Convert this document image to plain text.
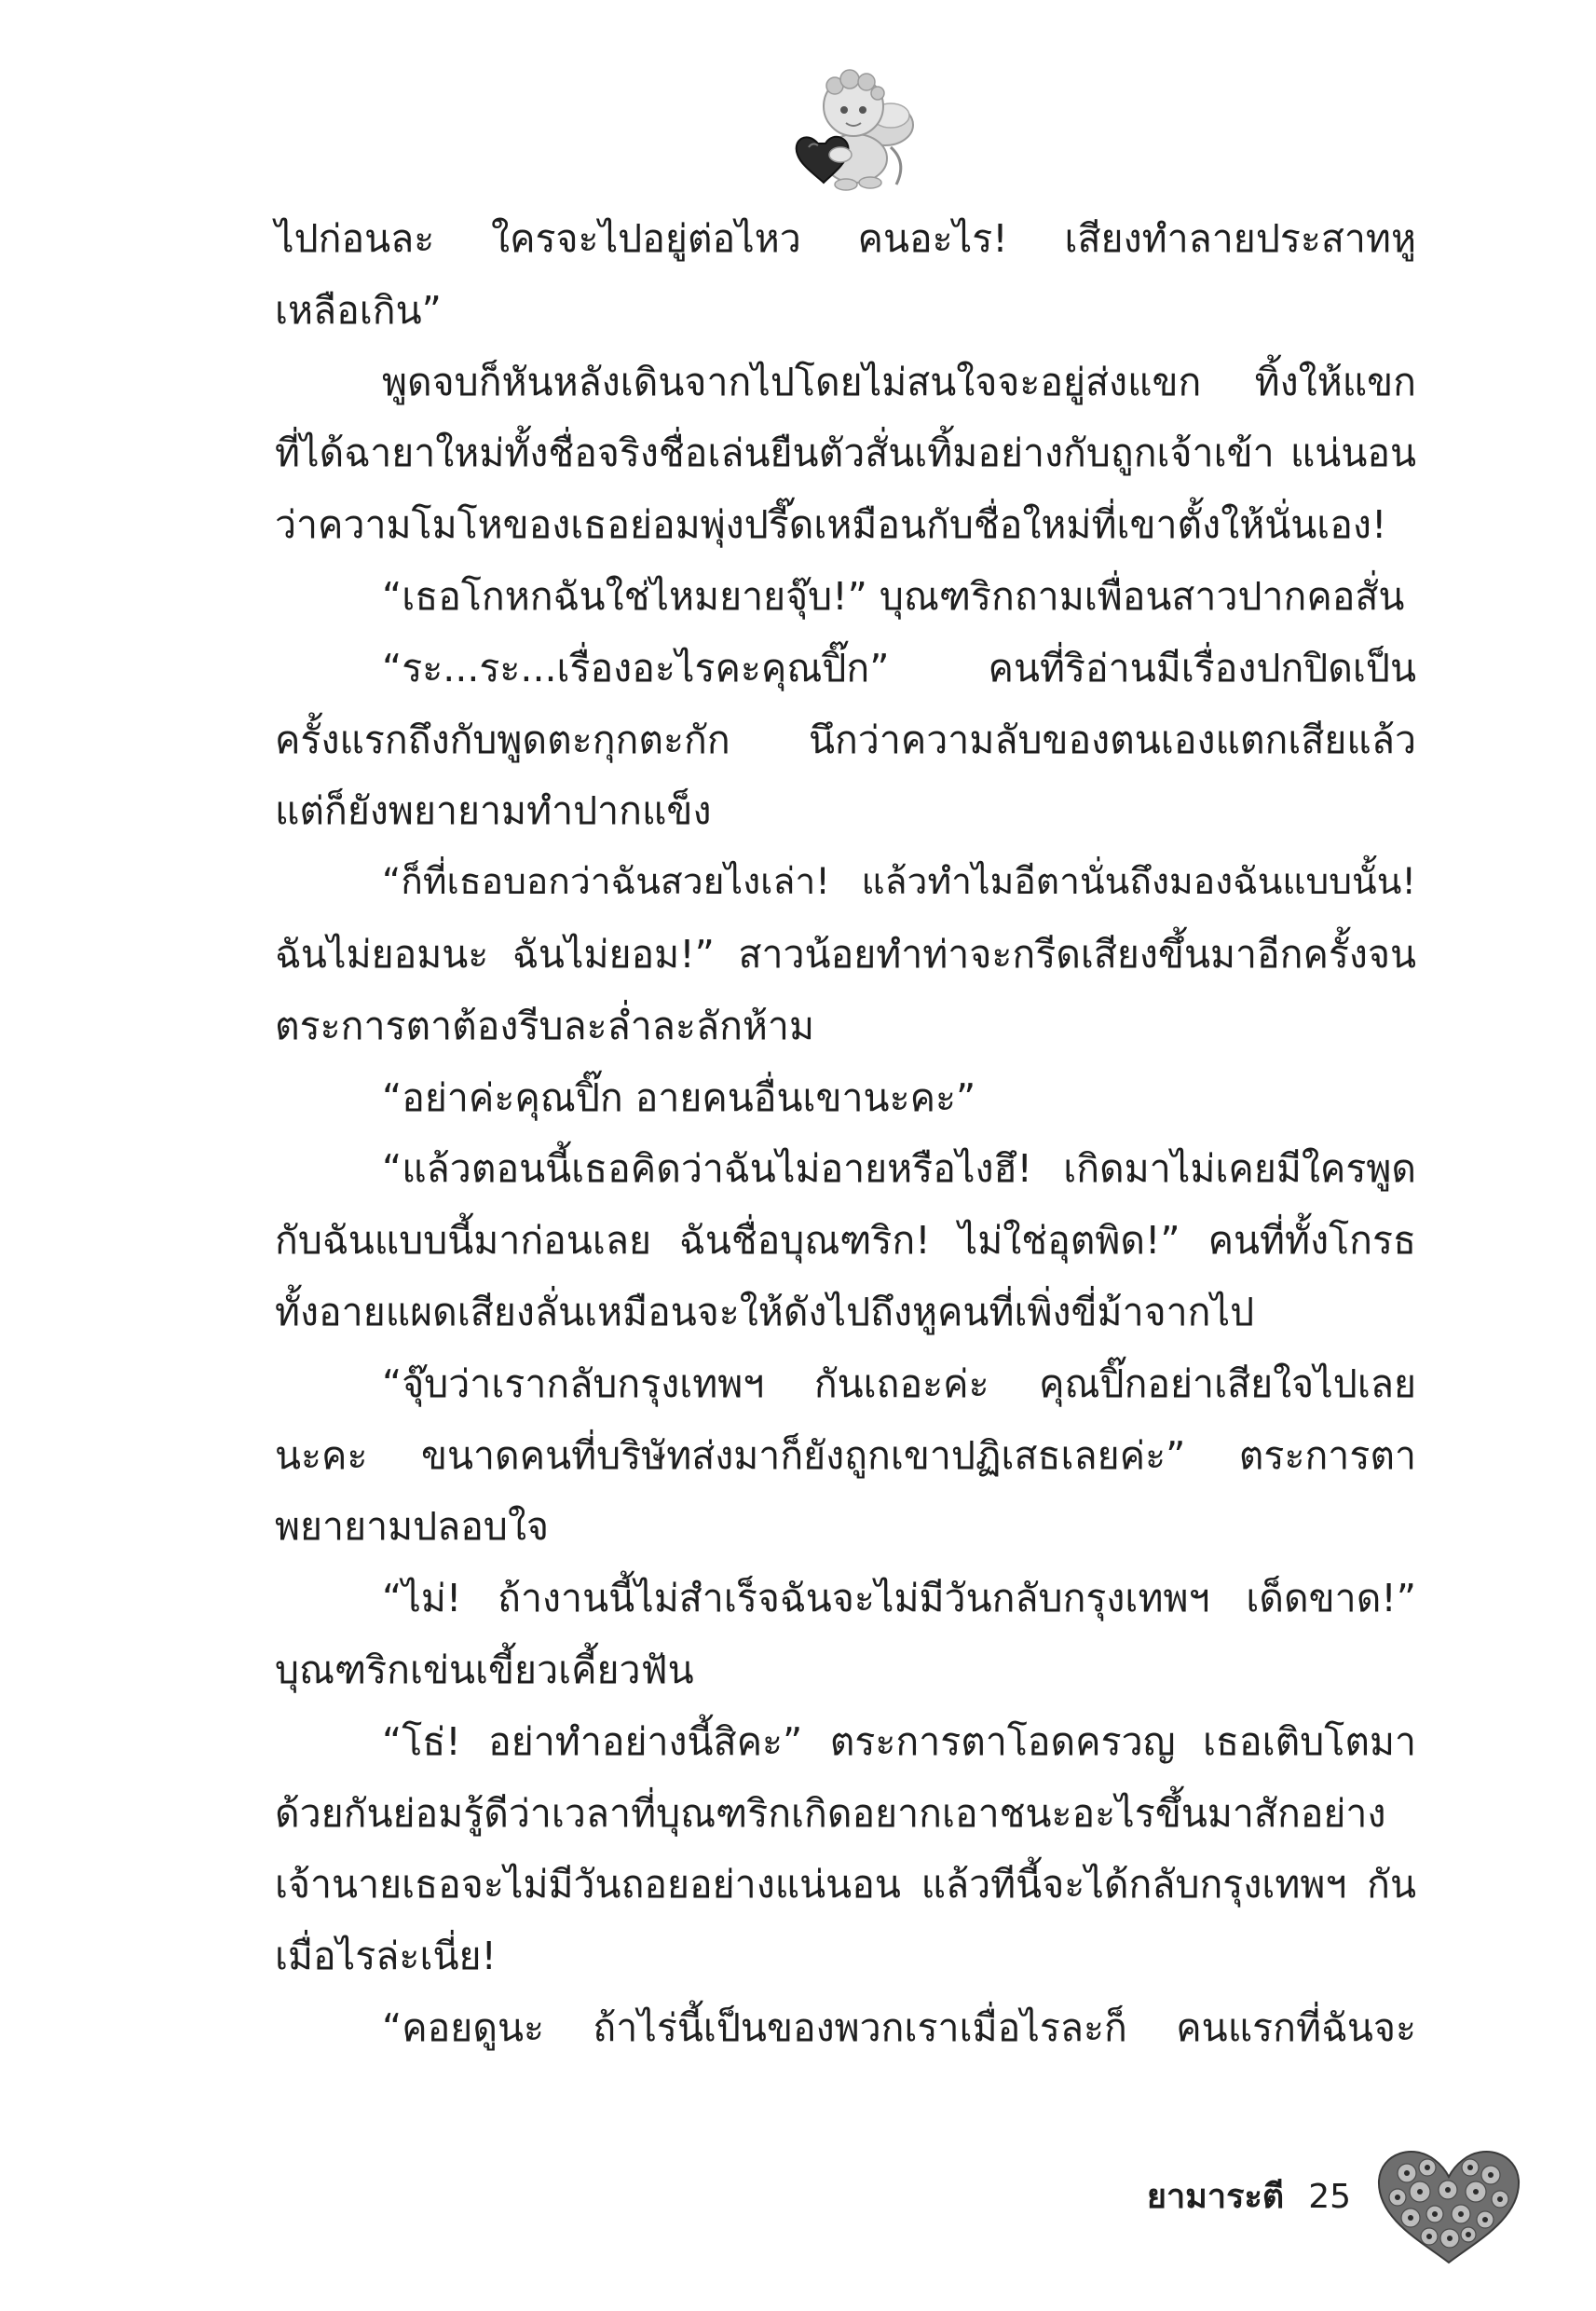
ไปก่อนละ ใครจะไปอยู่ต่อไหว คนอะไร! เสียงทำลายประสาทหู
เหลือเกิน”
พูดจบก็หันหลังเดินจากไปโดยไม่สนใจจะอยู่ส่งแขก ทิ้งให้แขก
ที่ได้ฉายาใหม่ทั้งชื่อจริงชื่อเล่นยืนตัวสั่นเทิ้มอย่างกับถูกเจ้าเข้า แน่นอน
ว่าความโมโหของเธอย่อมพุ่งปรี๊ดเหมือนกับชื่อใหม่ที่เขาตั้งให้นั่นเอง!
“เธอโกหกฉันใช่ไหมยายจุ๊บ!” บุณฑริกถามเพื่อนสาวปากคอสั่น
“ระ...ระ...เรื่องอะไรคะคุณปิ๊ก” คนที่ริอ่านมีเรื่องปกปิดเป็น
ครั้งแรกถึงกับพูดตะกุกตะกัก นึกว่าความลับของตนเองแตกเสียแล้ว
แต่ก็ยังพยายามทำปากแข็ง
“ก็ที่เธอบอกว่าฉันสวยไงเล่า! แล้วทำไมอีตานั่นถึงมองฉันแบบนั้น!
ฉันไม่ยอมนะ ฉันไม่ยอม!” สาวน้อยทำท่าจะกรีดเสียงขึ้นมาอีกครั้งจน
ตระการตาต้องรีบละล่ำละลักห้าม
“อย่าค่ะคุณปิ๊ก อายคนอื่นเขานะคะ”
“แล้วตอนนี้เธอคิดว่าฉันไม่อายหรือไงฮึ! เกิดมาไม่เคยมีใครพูด
กับฉันแบบนี้มาก่อนเลย ฉันชื่อบุณฑริก! ไม่ใช่อุตพิด!” คนที่ทั้งโกรธ
ทั้งอายแผดเสียงลั่นเหมือนจะให้ดังไปถึงหูคนที่เพิ่งขี่ม้าจากไป
“จุ๊บว่าเรากลับกรุงเทพฯ กันเถอะค่ะ คุณปิ๊กอย่าเสียใจไปเลย
นะคะ ขนาดคนที่บริษัทส่งมาก็ยังถูกเขาปฏิเสธเลยค่ะ” ตระการตา
พยายามปลอบใจ
“ไม่! ถ้างานนี้ไม่สำเร็จฉันจะไม่มีวันกลับกรุงเทพฯ เด็ดขาด!”
บุณฑริกเข่นเขี้ยวเคี้ยวฟัน
“โธ่! อย่าทำอย่างนี้สิคะ” ตระการตาโอดครวญ เธอเติบโตมา
ด้วยกันย่อมรู้ดีว่าเวลาที่บุณฑริกเกิดอยากเอาชนะอะไรขึ้นมาสักอย่าง
เจ้านายเธอจะไม่มีวันถอยอย่างแน่นอน แล้วทีนี้จะได้กลับกรุงเทพฯ กัน
เมื่อไรล่ะเนี่ย!
“คอยดูนะ ถ้าไร่นี้เป็นของพวกเราเมื่อไรละก็ คนแรกที่ฉันจะ
ยามาระตี 25
